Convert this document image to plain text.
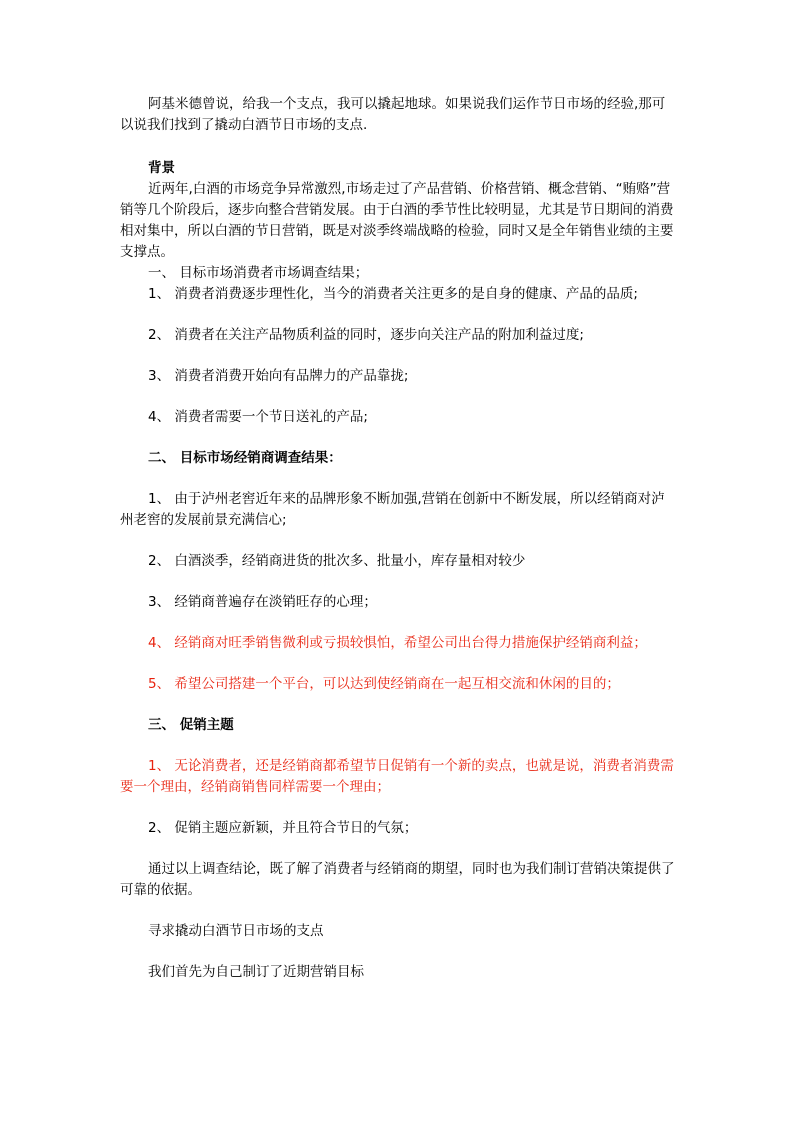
阿基米德曾说，给我一个支点，我可以撬起地球。如果说我们运作节日市场的经验,那可以说我们找到了撬动白酒节日市场的支点.

背景

近两年,白酒的市场竞争异常激烈,市场走过了产品营销、价格营销、概念营销、“贿赂”营销等几个阶段后，逐步向整合营销发展。由于白酒的季节性比较明显，尤其是节日期间的消费相对集中，所以白酒的节日营销，既是对淡季终端战略的检验，同时又是全年销售业绩的主要支撑点。

一、 目标市场消费者市场调查结果；

1、 消费者消费逐步理性化，当今的消费者关注更多的是自身的健康、产品的品质;

2、 消费者在关注产品物质利益的同时，逐步向关注产品的附加利益过度;

3、 消费者消费开始向有品牌力的产品靠拢;

4、 消费者需要一个节日送礼的产品;

二、 目标市场经销商调查结果：

1、 由于泸州老窖近年来的品牌形象不断加强,营销在创新中不断发展，所以经销商对泸州老窖的发展前景充满信心;

2、 白酒淡季，经销商进货的批次多、批量小，库存量相对较少

3、 经销商普遍存在淡销旺存的心理；

4、 经销商对旺季销售微利或亏损较惧怕，希望公司出台得力措施保护经销商利益；

5、 希望公司搭建一个平台，可以达到使经销商在一起互相交流和休闲的目的；

三、 促销主题

1、 无论消费者，还是经销商都希望节日促销有一个新的卖点，也就是说，消费者消费需要一个理由，经销商销售同样需要一个理由；

2、 促销主题应新颖，并且符合节日的气氛；

通过以上调查结论，既了解了消费者与经销商的期望，同时也为我们制订营销决策提供了可靠的依据。

寻求撬动白酒节日市场的支点

我们首先为自己制订了近期营销目标
